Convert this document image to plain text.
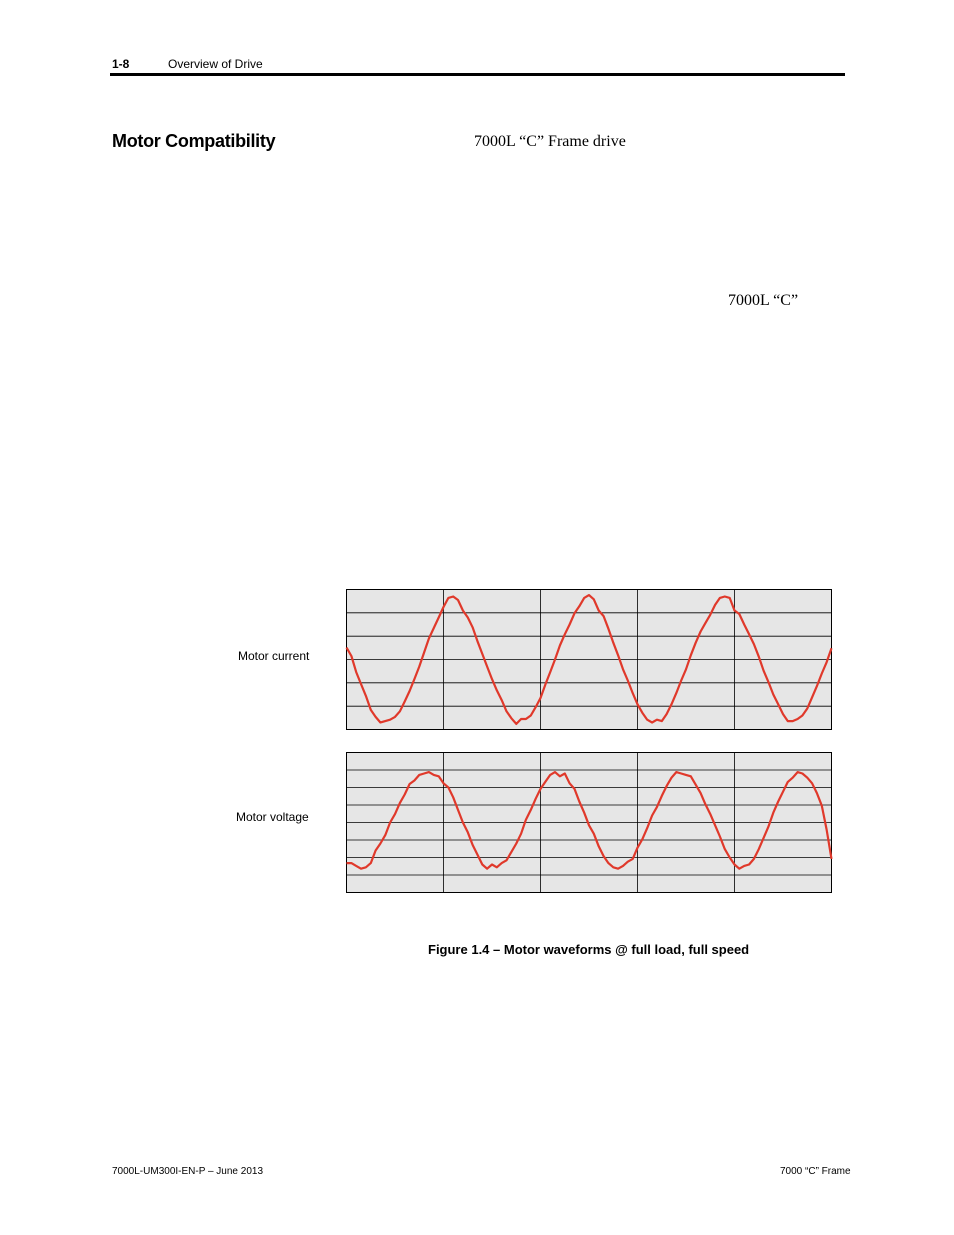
1-8	Overview of Drive
Motor Compatibility	7000L “C” Frame drive
7000L “C”
Motor current
Motor voltage
Figure 1.4 – Motor waveforms @ full load, full speed
7000L-UM300I-EN-P – June 2013	7000 “C” Frame
